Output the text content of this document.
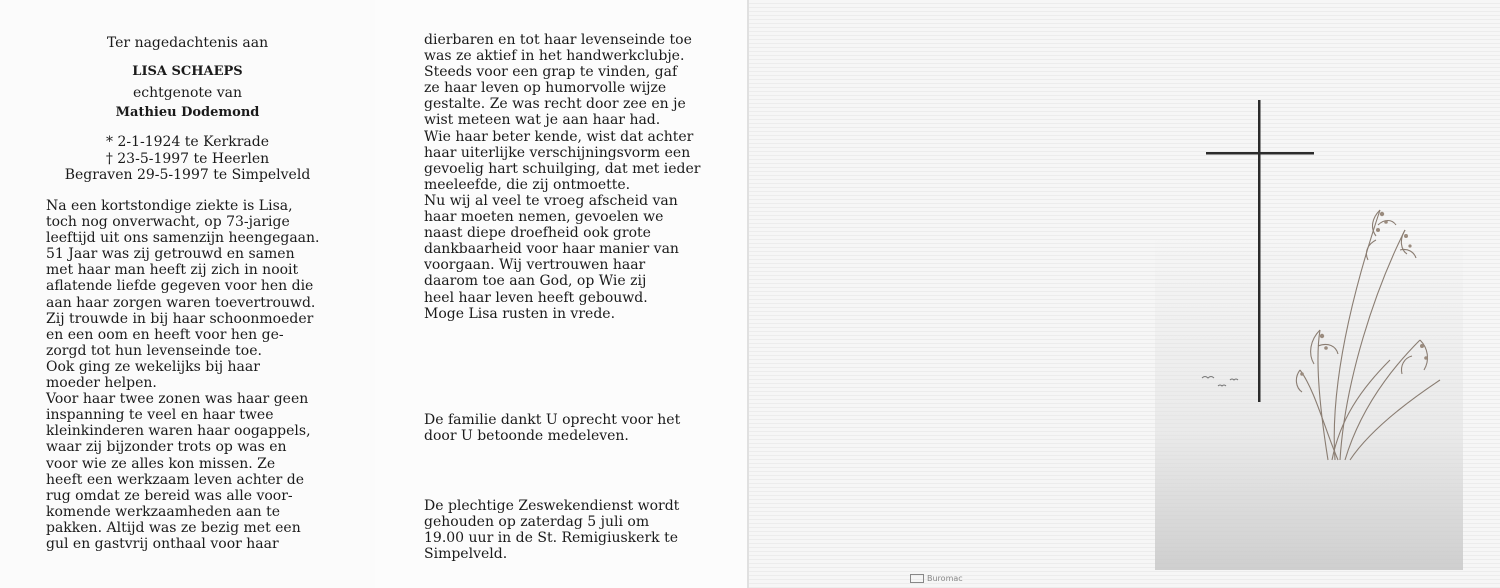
Ter nagedachtenis aan
LISA SCHAEPS
echtgenote van
Mathieu Dodemond
* 2-1-1924 te Kerkrade
† 23-5-1997 te Heerlen
Begraven 29-5-1997 te Simpelveld

Na een kortstondige ziekte is Lisa,
toch nog onverwacht, op 73-jarige
leeftijd uit ons samenzijn heengegaan.
51 Jaar was zij getrouwd en samen
met haar man heeft zij zich in nooit
aflatende liefde gegeven voor hen die
aan haar zorgen waren toevertrouwd.
Zij trouwde in bij haar schoonmoeder
en een oom en heeft voor hen ge-
zorgd tot hun levenseinde toe.
Ook ging ze wekelijks bij haar
moeder helpen.
Voor haar twee zonen was haar geen
inspanning te veel en haar twee
kleinkinderen waren haar oogappels,
waar zij bijzonder trots op was en
voor wie ze alles kon missen. Ze
heeft een werkzaam leven achter de
rug omdat ze bereid was alle voor-
komende werkzaamheden aan te
pakken. Altijd was ze bezig met een
gul en gastvrij onthaal voor haar

dierbaren en tot haar levenseinde toe
was ze aktief in het handwerkclubje.
Steeds voor een grap te vinden, gaf
ze haar leven op humorvolle wijze
gestalte. Ze was recht door zee en je
wist meteen wat je aan haar had.
Wie haar beter kende, wist dat achter
haar uiterlijke verschijningsvorm een
gevoelig hart schuilging, dat met ieder
meeleefde, die zij ontmoette.
Nu wij al veel te vroeg afscheid van
haar moeten nemen, gevoelen we
naast diepe droefheid ook grote
dankbaarheid voor haar manier van
voorgaan. Wij vertrouwen haar
daarom toe aan God, op Wie zij
heel haar leven heeft gebouwd.
Moge Lisa rusten in vrede.

De familie dankt U oprecht voor het
door U betoonde medeleven.

De plechtige Zeswekendienst wordt
gehouden op zaterdag 5 juli om
19.00 uur in de St. Remigiuskerk te
Simpelveld.

Buromac
